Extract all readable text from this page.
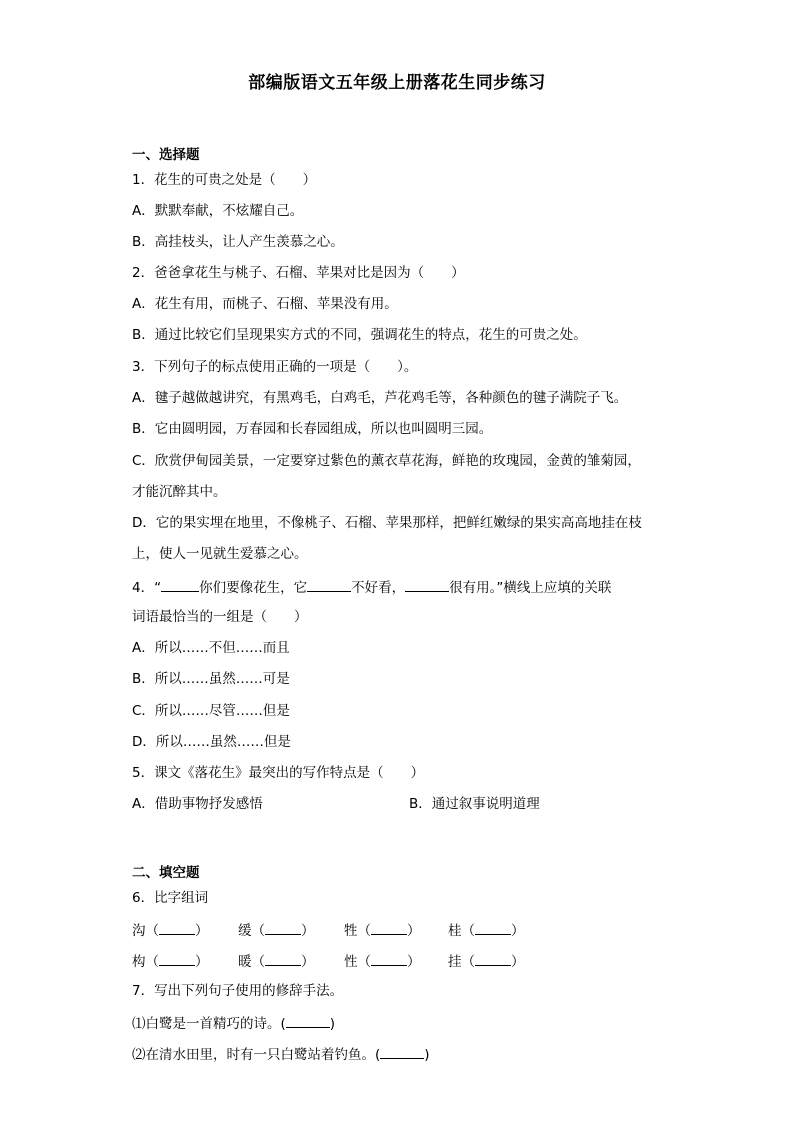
部编版语文五年级上册落花生同步练习
一、选择题
1．花生的可贵之处是（　　）
A．默默奉献，不炫耀自己。
B．高挂枝头，让人产生羡慕之心。
2．爸爸拿花生与桃子、石榴、苹果对比是因为（　　）
A．花生有用，而桃子、石榴、苹果没有用。
B．通过比较它们呈现果实方式的不同，强调花生的特点，花生的可贵之处。
3．下列句子的标点使用正确的一项是（　　）。
A．毽子越做越讲究，有黑鸡毛，白鸡毛，芦花鸡毛等，各种颜色的毽子满院子飞。
B．它由圆明园，万春园和长春园组成，所以也叫圆明三园。
C．欣赏伊甸园美景，一定要穿过紫色的薰衣草花海，鲜艳的玫瑰园，金黄的雏菊园，
才能沉醉其中。
D．它的果实埋在地里，不像桃子、石榴、苹果那样，把鲜红嫩绿的果实高高地挂在枝
上，使人一见就生爱慕之心。
4．“	你们要像花生，它	不好看，	很有用。”横线上应填的关联
词语最恰当的一组是（　　）
A．所以……不但……而且
B．所以……虽然……可是
C．所以……尽管……但是
D．所以……虽然……但是
5．课文《落花生》最突出的写作特点是（　　）
A．借助事物抒发感悟	B．通过叙事说明道理
二、填空题
6．比字组词
沟（	） 缓（	） 牲（	） 桂（	）
构（	） 暖（	） 性（	） 挂（	）
7．写出下列句子使用的修辞手法。
⑴白鹭是一首精巧的诗。(	)
⑵在清水田里，时有一只白鹭站着钓鱼。(	)
